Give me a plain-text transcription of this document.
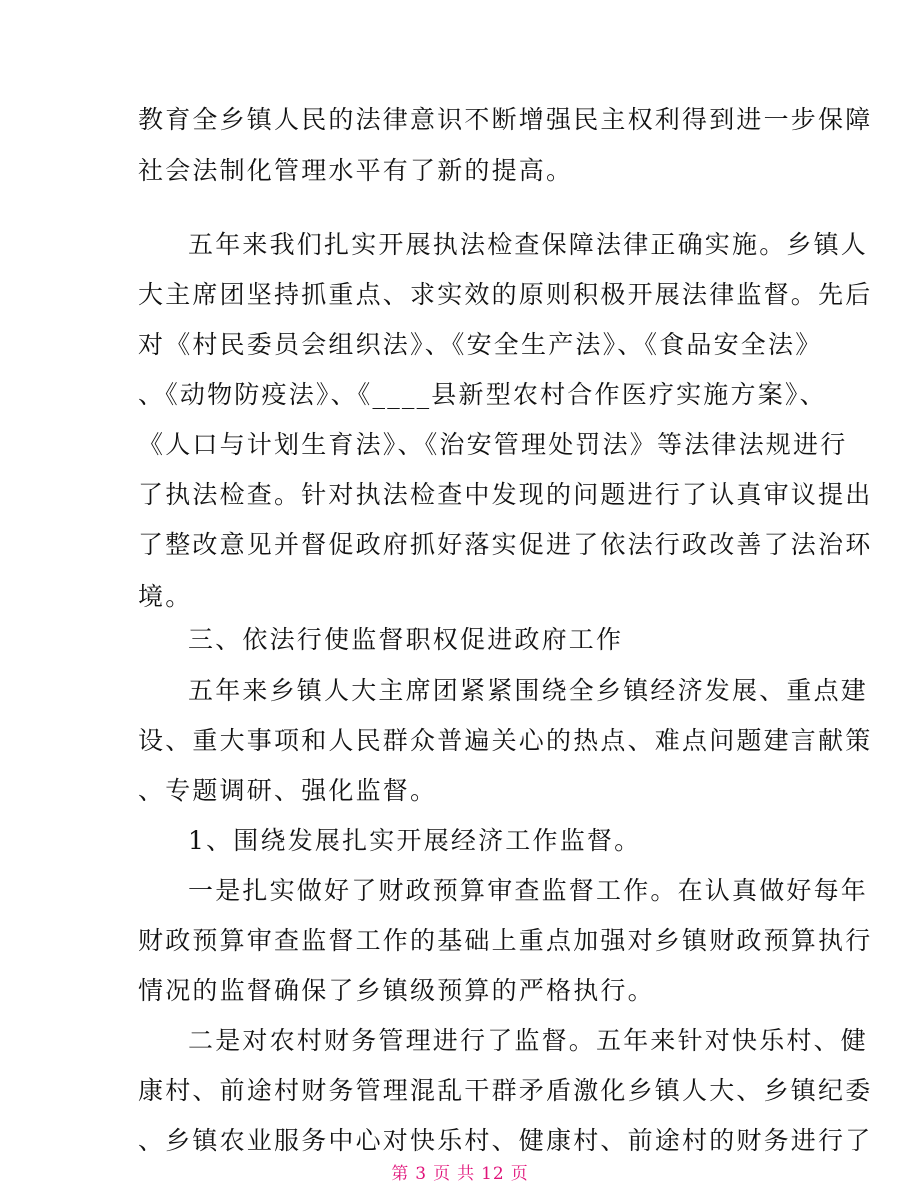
教育全乡镇人民的法律意识不断增强民主权利得到进一步保障
社会法制化管理水平有了新的提高。
五年来我们扎实开展执法检查保障法律正确实施。乡镇人
大主席团坚持抓重点、求实效的原则积极开展法律监督。先后
对《村民委员会组织法》、《安全生产法》、《食品安全法》
、《动物防疫法》、《____县新型农村合作医疗实施方案》、
《人口与计划生育法》、《治安管理处罚法》等法律法规进行
了执法检查。针对执法检查中发现的问题进行了认真审议提出
了整改意见并督促政府抓好落实促进了依法行政改善了法治环
境。
三、依法行使监督职权促进政府工作
五年来乡镇人大主席团紧紧围绕全乡镇经济发展、重点建
设、重大事项和人民群众普遍关心的热点、难点问题建言献策
、专题调研、强化监督。
1、围绕发展扎实开展经济工作监督。
一是扎实做好了财政预算审查监督工作。在认真做好每年
财政预算审查监督工作的基础上重点加强对乡镇财政预算执行
情况的监督确保了乡镇级预算的严格执行。
二是对农村财务管理进行了监督。五年来针对快乐村、健
康村、前途村财务管理混乱干群矛盾激化乡镇人大、乡镇纪委
、乡镇农业服务中心对快乐村、健康村、前途村的财务进行了
第 3 页 共 12 页
